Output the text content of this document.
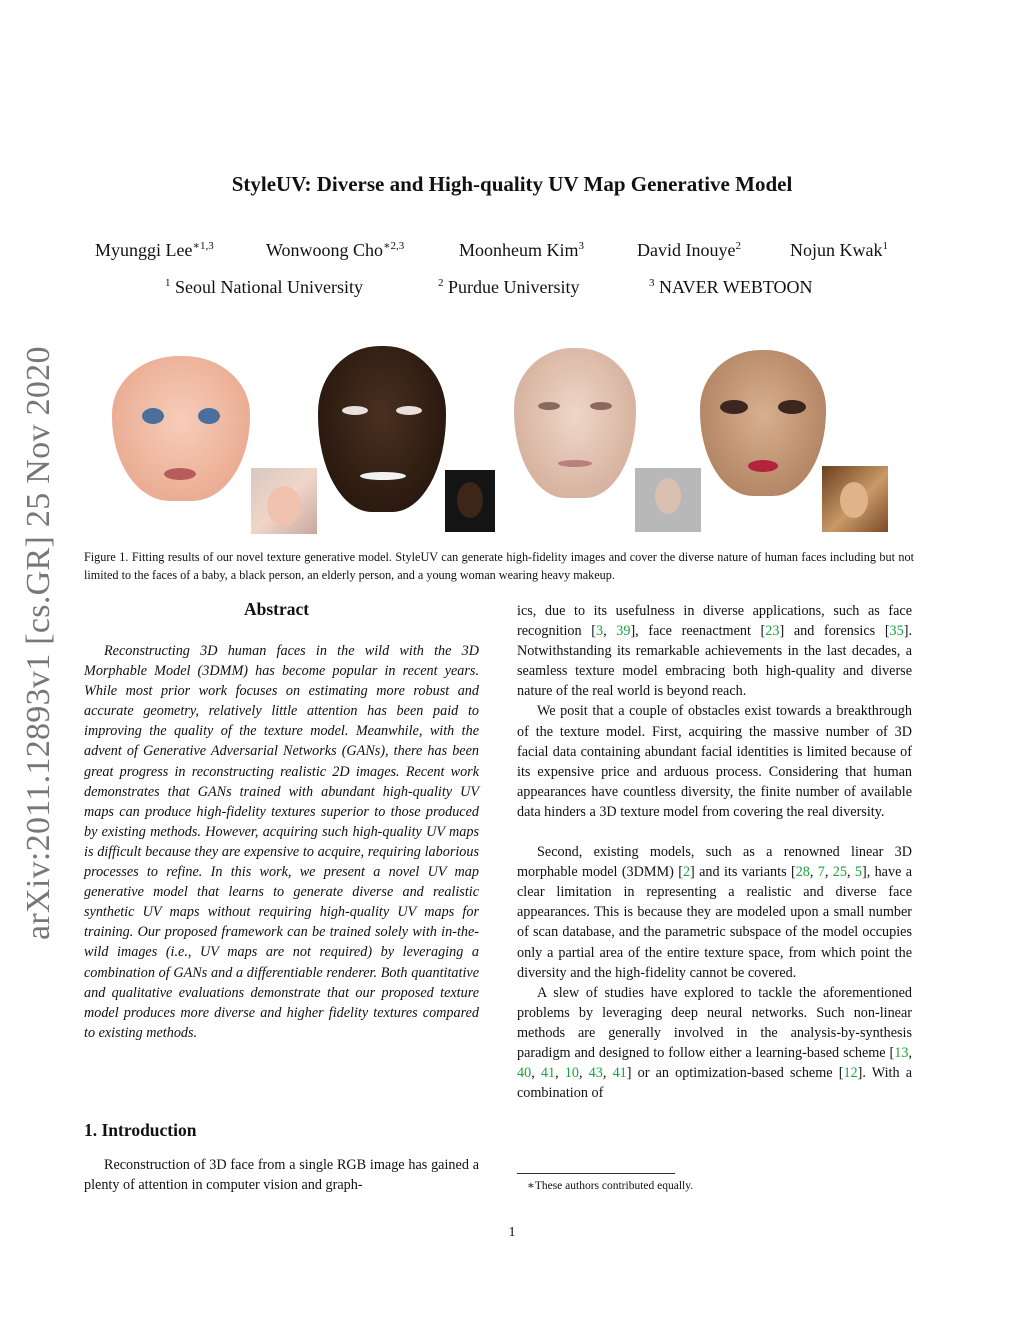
StyleUV: Diverse and High-quality UV Map Generative Model
Myunggi Lee$^{∗1,3}$	Wonwoong Cho$^{∗2,3}$	Moonheum Kim$^3$	David Inouye$^2$	Nojun Kwak$^1$
$^1$ Seoul National University	$^2$ Purdue University	$^3$ NAVER WEBTOON
arXiv:2011.12893v1 [cs.GR] 25 Nov 2020	Figure 1. Fitting results of our novel texture generative model. StyleUV can generate high-fidelity images and cover the diverse nature of human faces including but not limited to the faces of a baby, a black person, an elderly person, and a young woman wearing heavy makeup.
Abstract
Reconstructing 3D human faces in the wild with the 3D Morphable Model (3DMM) has become popular in recent years. While most prior work focuses on estimating more robust and accurate geometry, relatively little attention has been paid to improving the quality of the texture model. Meanwhile, with the advent of Generative Adversarial Networks (GANs), there has been great progress in reconstructing realistic 2D images. Recent work demonstrates that GANs trained with abundant high-quality UV maps can produce high-fidelity textures superior to those produced by existing methods. However, acquiring such high-quality UV maps is difficult because they are expensive to acquire, requiring laborious processes to refine. In this work, we present a novel UV map generative model that learns to generate diverse and realistic synthetic UV maps without requiring high-quality UV maps for training. Our proposed framework can be trained solely with in-the-wild images (i.e., UV maps are not required) by leveraging a combination of GANs and a differentiable renderer. Both quantitative and qualitative evaluations demonstrate that our proposed texture model produces more diverse and higher fidelity textures compared to existing methods.
1. Introduction

Reconstruction of 3D face from a single RGB image has gained a plenty of attention in computer vision and graph-

ics, due to its usefulness in diverse applications, such as face recognition [3, 39], face reenactment [23] and forensics [35]. Notwithstanding its remarkable achievements in the last decades, a seamless texture model embracing both high-quality and diverse nature of the real world is beyond reach.

We posit that a couple of obstacles exist towards a breakthrough of the texture model. First, acquiring the massive number of 3D facial data containing abundant facial identities is limited because of its expensive price and arduous process. Considering that human appearances have countless diversity, the finite number of available data hinders a 3D texture model from covering the real diversity.

Second, existing models, such as a renowned linear 3D morphable model (3DMM) [2] and its variants [28, 7, 25, 5], have a clear limitation in representing a realistic and diverse face appearances. This is because they are modeled upon a small number of scan database, and the parametric subspace of the model occupies only a partial area of the entire texture space, from which point the diversity and the high-fidelity cannot be covered.

A slew of studies have explored to tackle the aforementioned problems by leveraging deep neural networks. Such non-linear methods are generally involved in the analysis-by-synthesis paradigm and designed to follow either a learning-based scheme [13, 40, 41, 10, 43, 41] or an optimization-based scheme [12]. With a combination of

∗These authors contributed equally.
1
